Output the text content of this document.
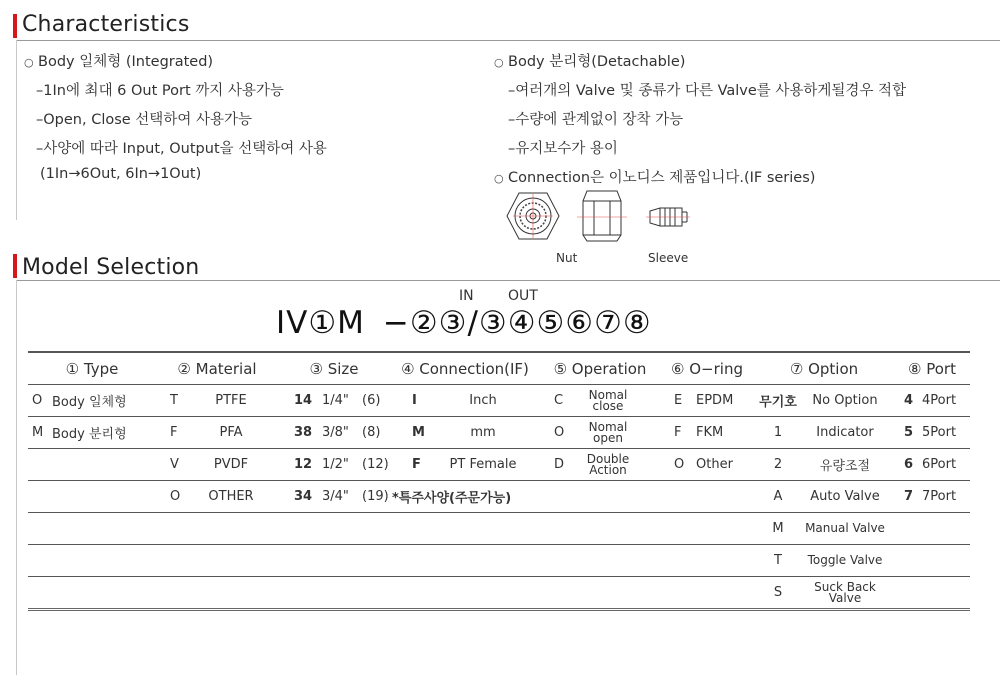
Characteristics
○ Body 일체형 (Integrated)
–1In에 최대 6 Out Port 까지 사용가능
–Open, Close 선택하여 사용가능
–사양에 따라 Input, Output을 선택하여 사용
(1In→6Out, 6In→1Out)
○ Body 분리형(Detachable)
–여러개의 Valve 및 종류가 다른 Valve를 사용하게될경우 적합
–수량에 관계없이 장착 가능
–유지보수가 용이
○ Connection은 이노디스 제품입니다.(IF series)
Nut	Sleeve
Model Selection
IN OUT
IV①M −②③/③④⑤⑥⑦⑧
① Type	② Material	③ Size	④ Connection(IF)	⑤ Operation	⑥ O−ring	⑦ Option	⑧ Port

O Body 일체형	T PTFE	14 1/4" (6)	I Inch	C Nomal close	E EPDM	무기호 No Option	4 4Port

M Body 분리형	F PFA	38 3/8" (8)	M mm	O Nomal open	F FKM	1 Indicator	5 5Port

	V PVDF	12 1/2" (12)	F PT Female	D Double Action	O Other	2 유량조절	6 6Port

	O OTHER	34 3/4" (19)	*특주사양(주문가능)			A Auto Valve	7 7Port

						M Manual Valve	

						T Toggle Valve	

						S Suck Back Valve	
